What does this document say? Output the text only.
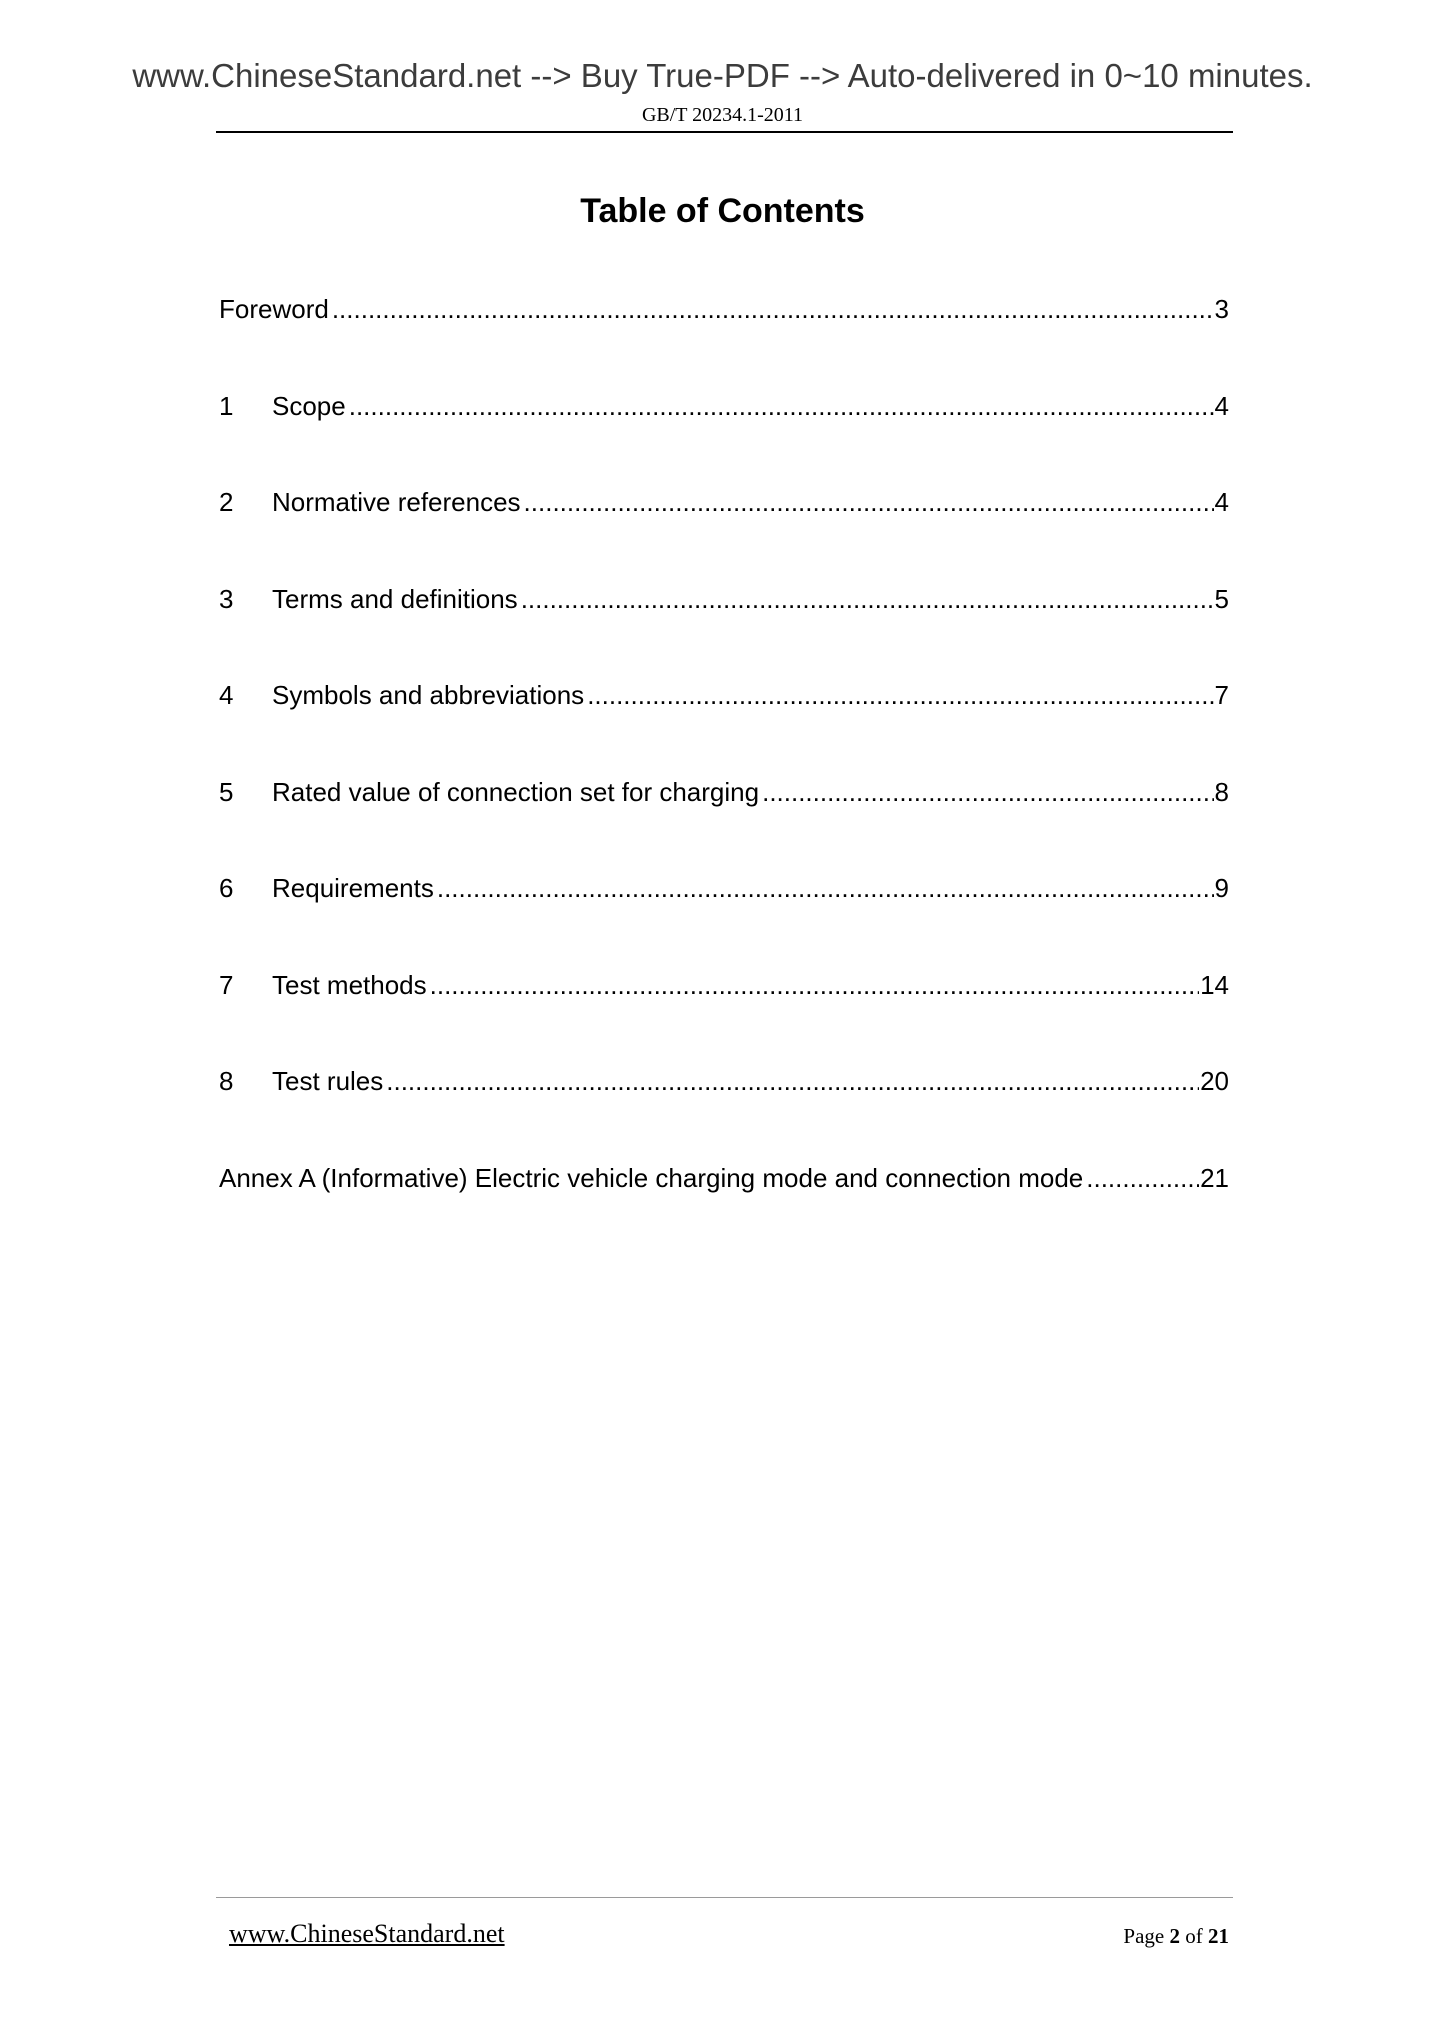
www.ChineseStandard.net --> Buy True-PDF --> Auto-delivered in 0~10 minutes.
GB/T 20234.1-2011
Table of Contents
Foreword .....	3
1	Scope .....	4
2	Normative references .....	4
3	Terms and definitions .....	5
4	Symbols and abbreviations .....	7
5	Rated value of connection set for charging .....	8
6	Requirements .....	9
7	Test methods .....	14
8	Test rules .....	20
Annex A (Informative) Electric vehicle charging mode and connection mode .....	21
www.ChineseStandard.net	Page 2 of 21
